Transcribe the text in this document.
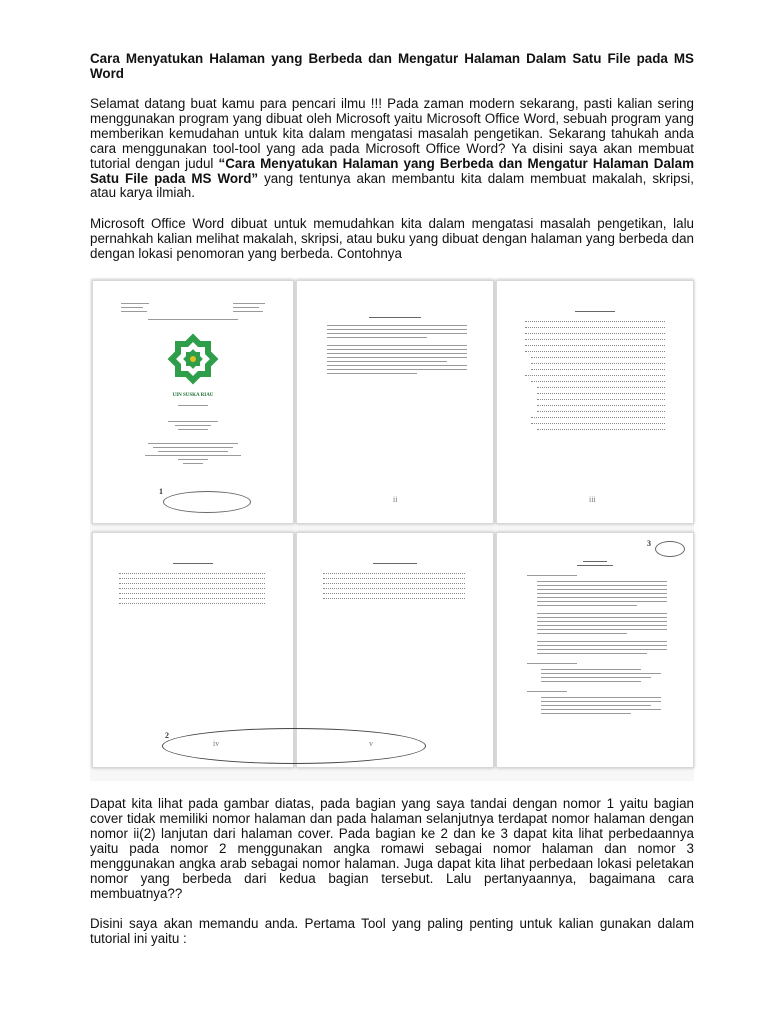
Cara Menyatukan Halaman yang Berbeda dan Mengatur Halaman Dalam Satu File pada MS Word

Selamat datang buat kamu para pencari ilmu !!! Pada zaman modern sekarang, pasti kalian sering menggunakan program yang dibuat oleh Microsoft yaitu Microsoft Office Word, sebuah program yang memberikan kemudahan untuk kita dalam mengatasi masalah pengetikan. Sekarang tahukah anda cara menggunakan tool-tool yang ada pada Microsoft Office Word? Ya disini saya akan membuat tutorial dengan judul “Cara Menyatukan Halaman yang Berbeda dan Mengatur Halaman Dalam Satu File pada MS Word” yang tentunya akan membantu kita dalam membuat makalah, skripsi, atau karya ilmiah.

Microsoft Office Word dibuat untuk memudahkan kita dalam mengatasi masalah pengetikan, lalu pernahkah kalian melihat makalah, skripsi, atau buku yang dibuat dengan halaman yang berbeda dan dengan lokasi penomoran yang berbeda. Contohnya

UIN SUSKA RIAU
1
ii	iii
2
iv	v
3

Dapat kita lihat pada gambar diatas, pada bagian yang saya tandai dengan nomor 1 yaitu bagian cover tidak memiliki nomor halaman dan pada halaman selanjutnya terdapat nomor halaman dengan nomor ii(2) lanjutan dari halaman cover. Pada bagian ke 2 dan ke 3 dapat kita lihat perbedaannya yaitu pada nomor 2 menggunakan angka romawi sebagai nomor halaman dan nomor 3 menggunakan angka arab sebagai nomor halaman. Juga dapat kita lihat perbedaan lokasi peletakan nomor yang berbeda dari kedua bagian tersebut. Lalu pertanyaannya, bagaimana cara membuatnya??

Disini saya akan memandu anda. Pertama Tool yang paling penting untuk kalian gunakan dalam tutorial ini yaitu :
